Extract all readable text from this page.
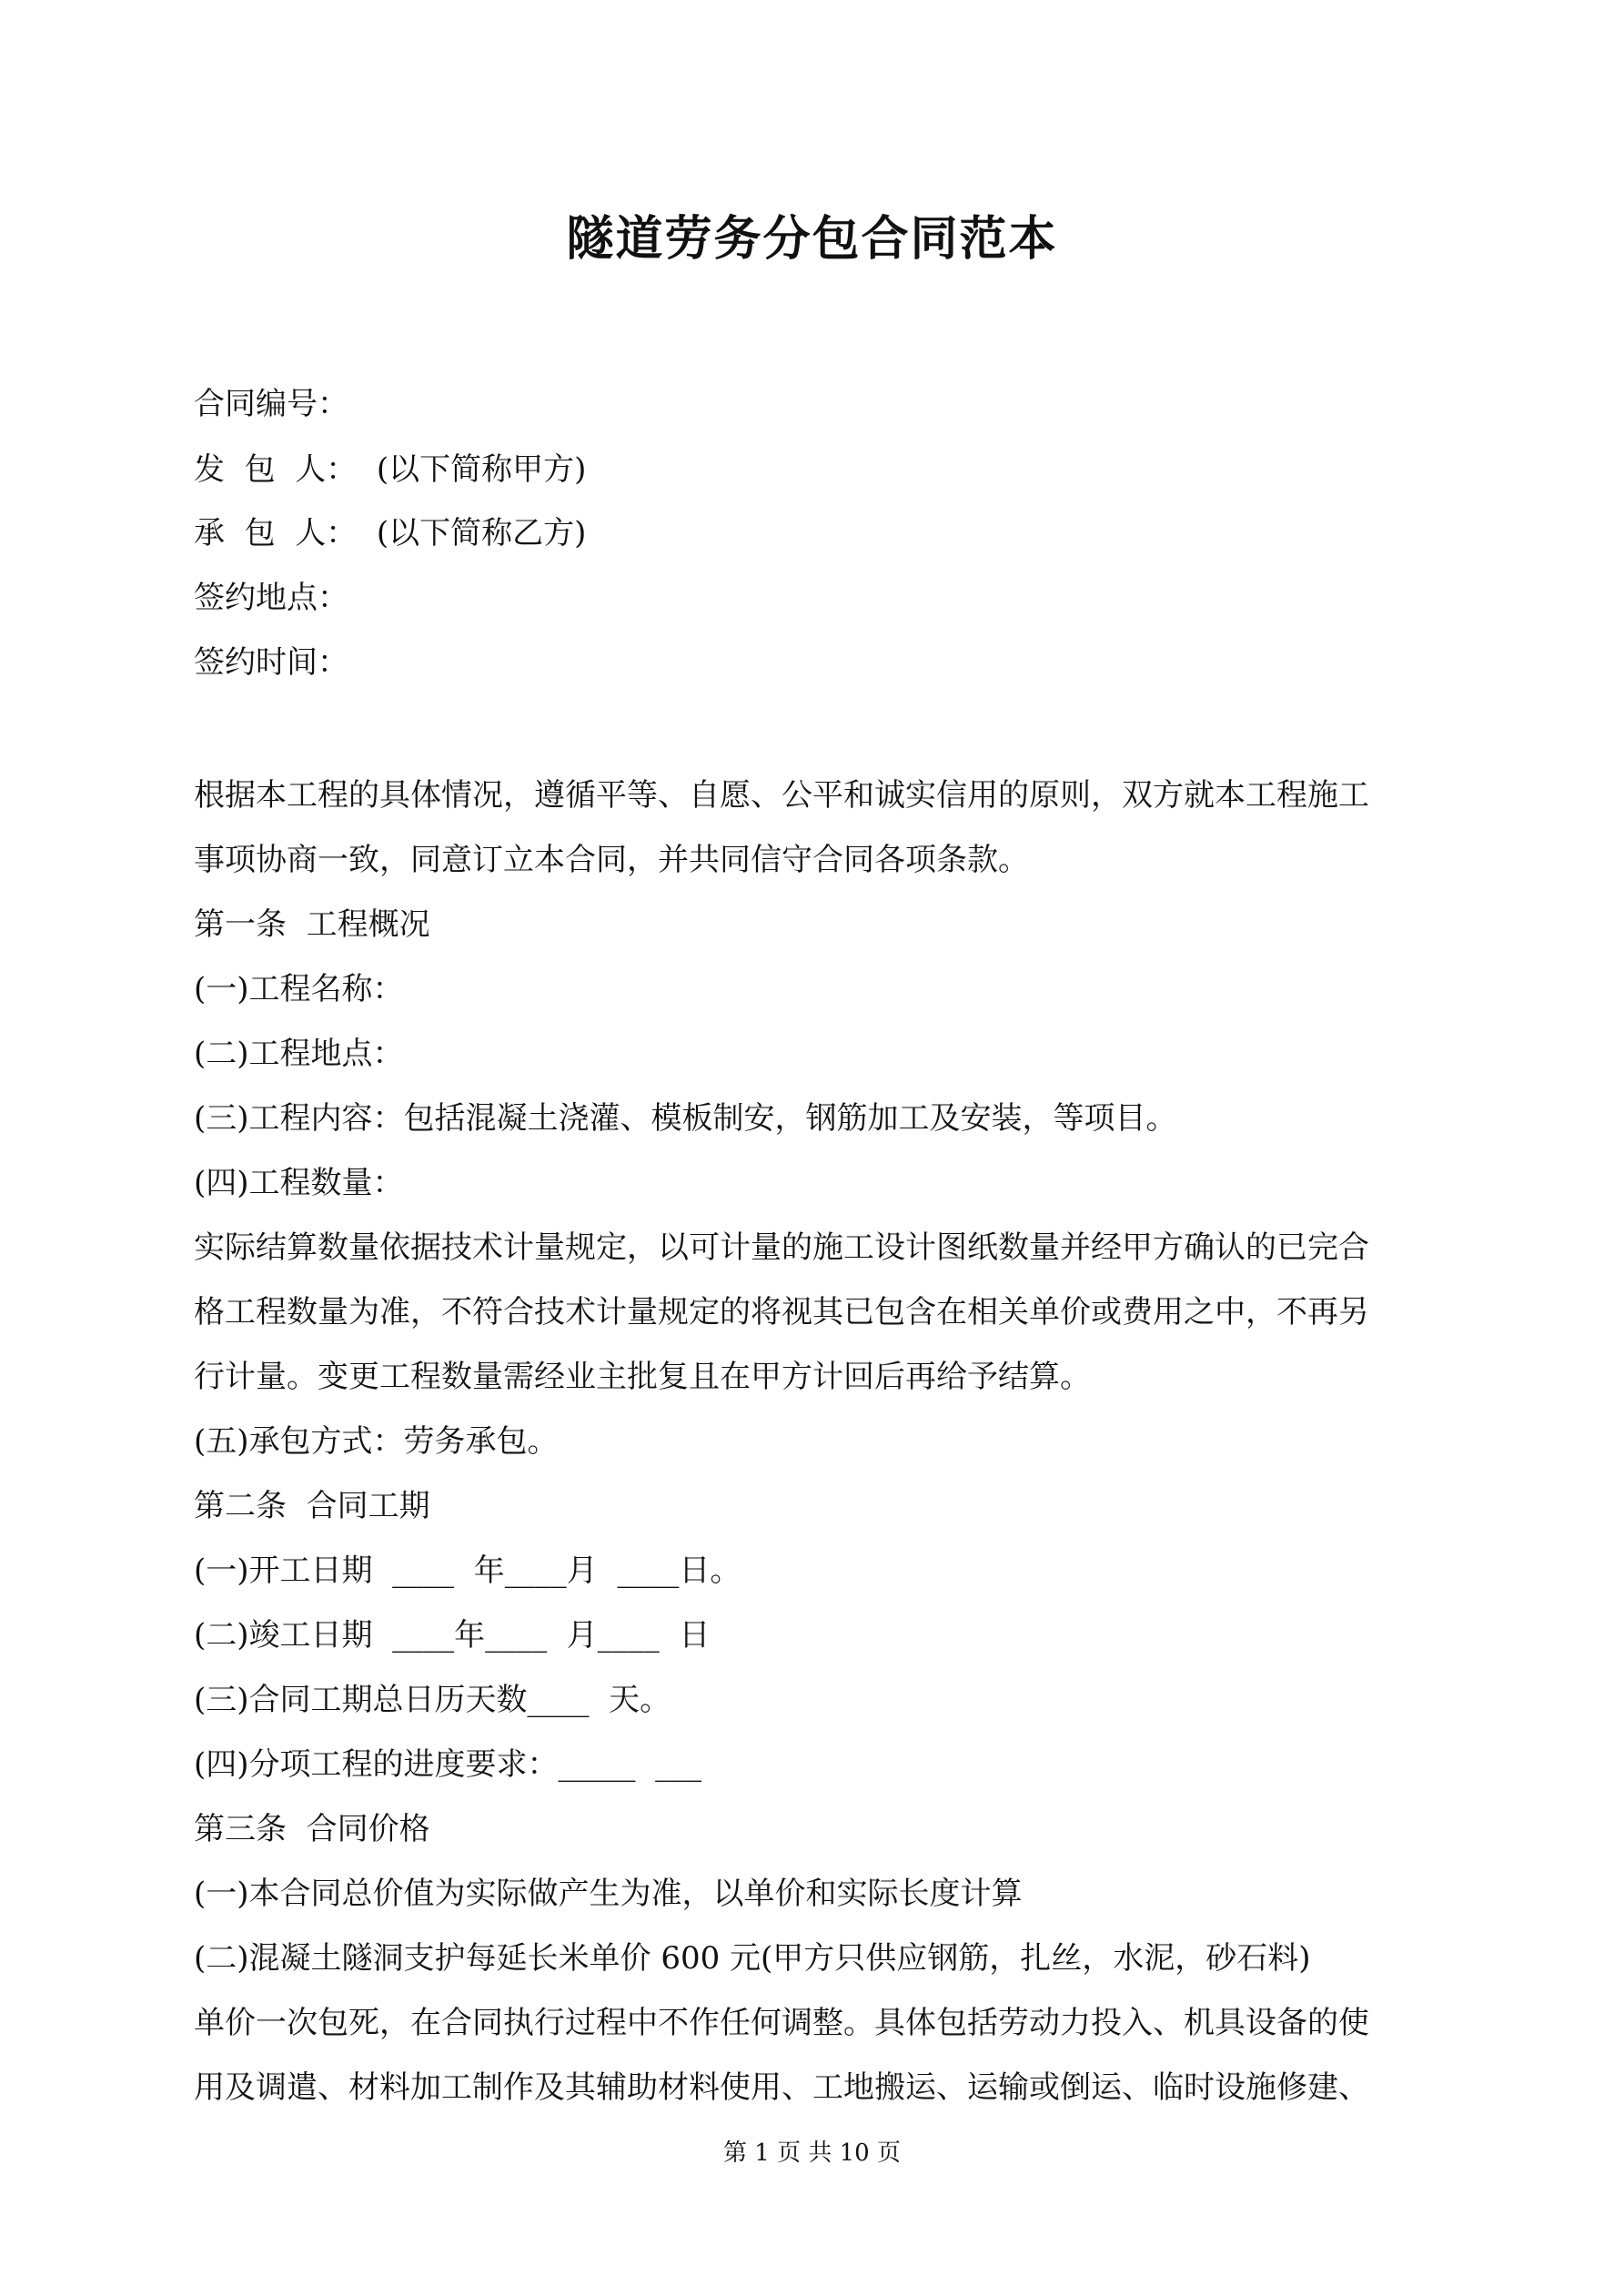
隧道劳务分包合同范本
合同编号：
发  包  人：  (以下简称甲方)
承  包  人：  (以下简称乙方)
签约地点：
签约时间：
根据本工程的具体情况，遵循平等、自愿、公平和诚实信用的原则，双方就本工程施工
事项协商一致，同意订立本合同，并共同信守合同各项条款。
第一条  工程概况
(一)工程名称：
(二)工程地点：
(三)工程内容：包括混凝土浇灌、模板制安，钢筋加工及安装，等项目。
(四)工程数量：
实际结算数量依据技术计量规定，以可计量的施工设计图纸数量并经甲方确认的已完合
格工程数量为准，不符合技术计量规定的将视其已包含在相关单价或费用之中，不再另
行计量。变更工程数量需经业主批复且在甲方计回后再给予结算。
(五)承包方式：劳务承包。
第二条  合同工期
(一)开工日期  ____  年____月  ____日。
(二)竣工日期  ____年____  月____  日
(三)合同工期总日历天数____  天。
(四)分项工程的进度要求：_____  ___
第三条  合同价格
(一)本合同总价值为实际做产生为准，以单价和实际长度计算
(二)混凝土隧洞支护每延长米单价 600 元(甲方只供应钢筋，扎丝，水泥，砂石料)
单价一次包死，在合同执行过程中不作任何调整。具体包括劳动力投入、机具设备的使
用及调遣、材料加工制作及其辅助材料使用、工地搬运、运输或倒运、临时设施修建、
第 1 页 共 10 页
